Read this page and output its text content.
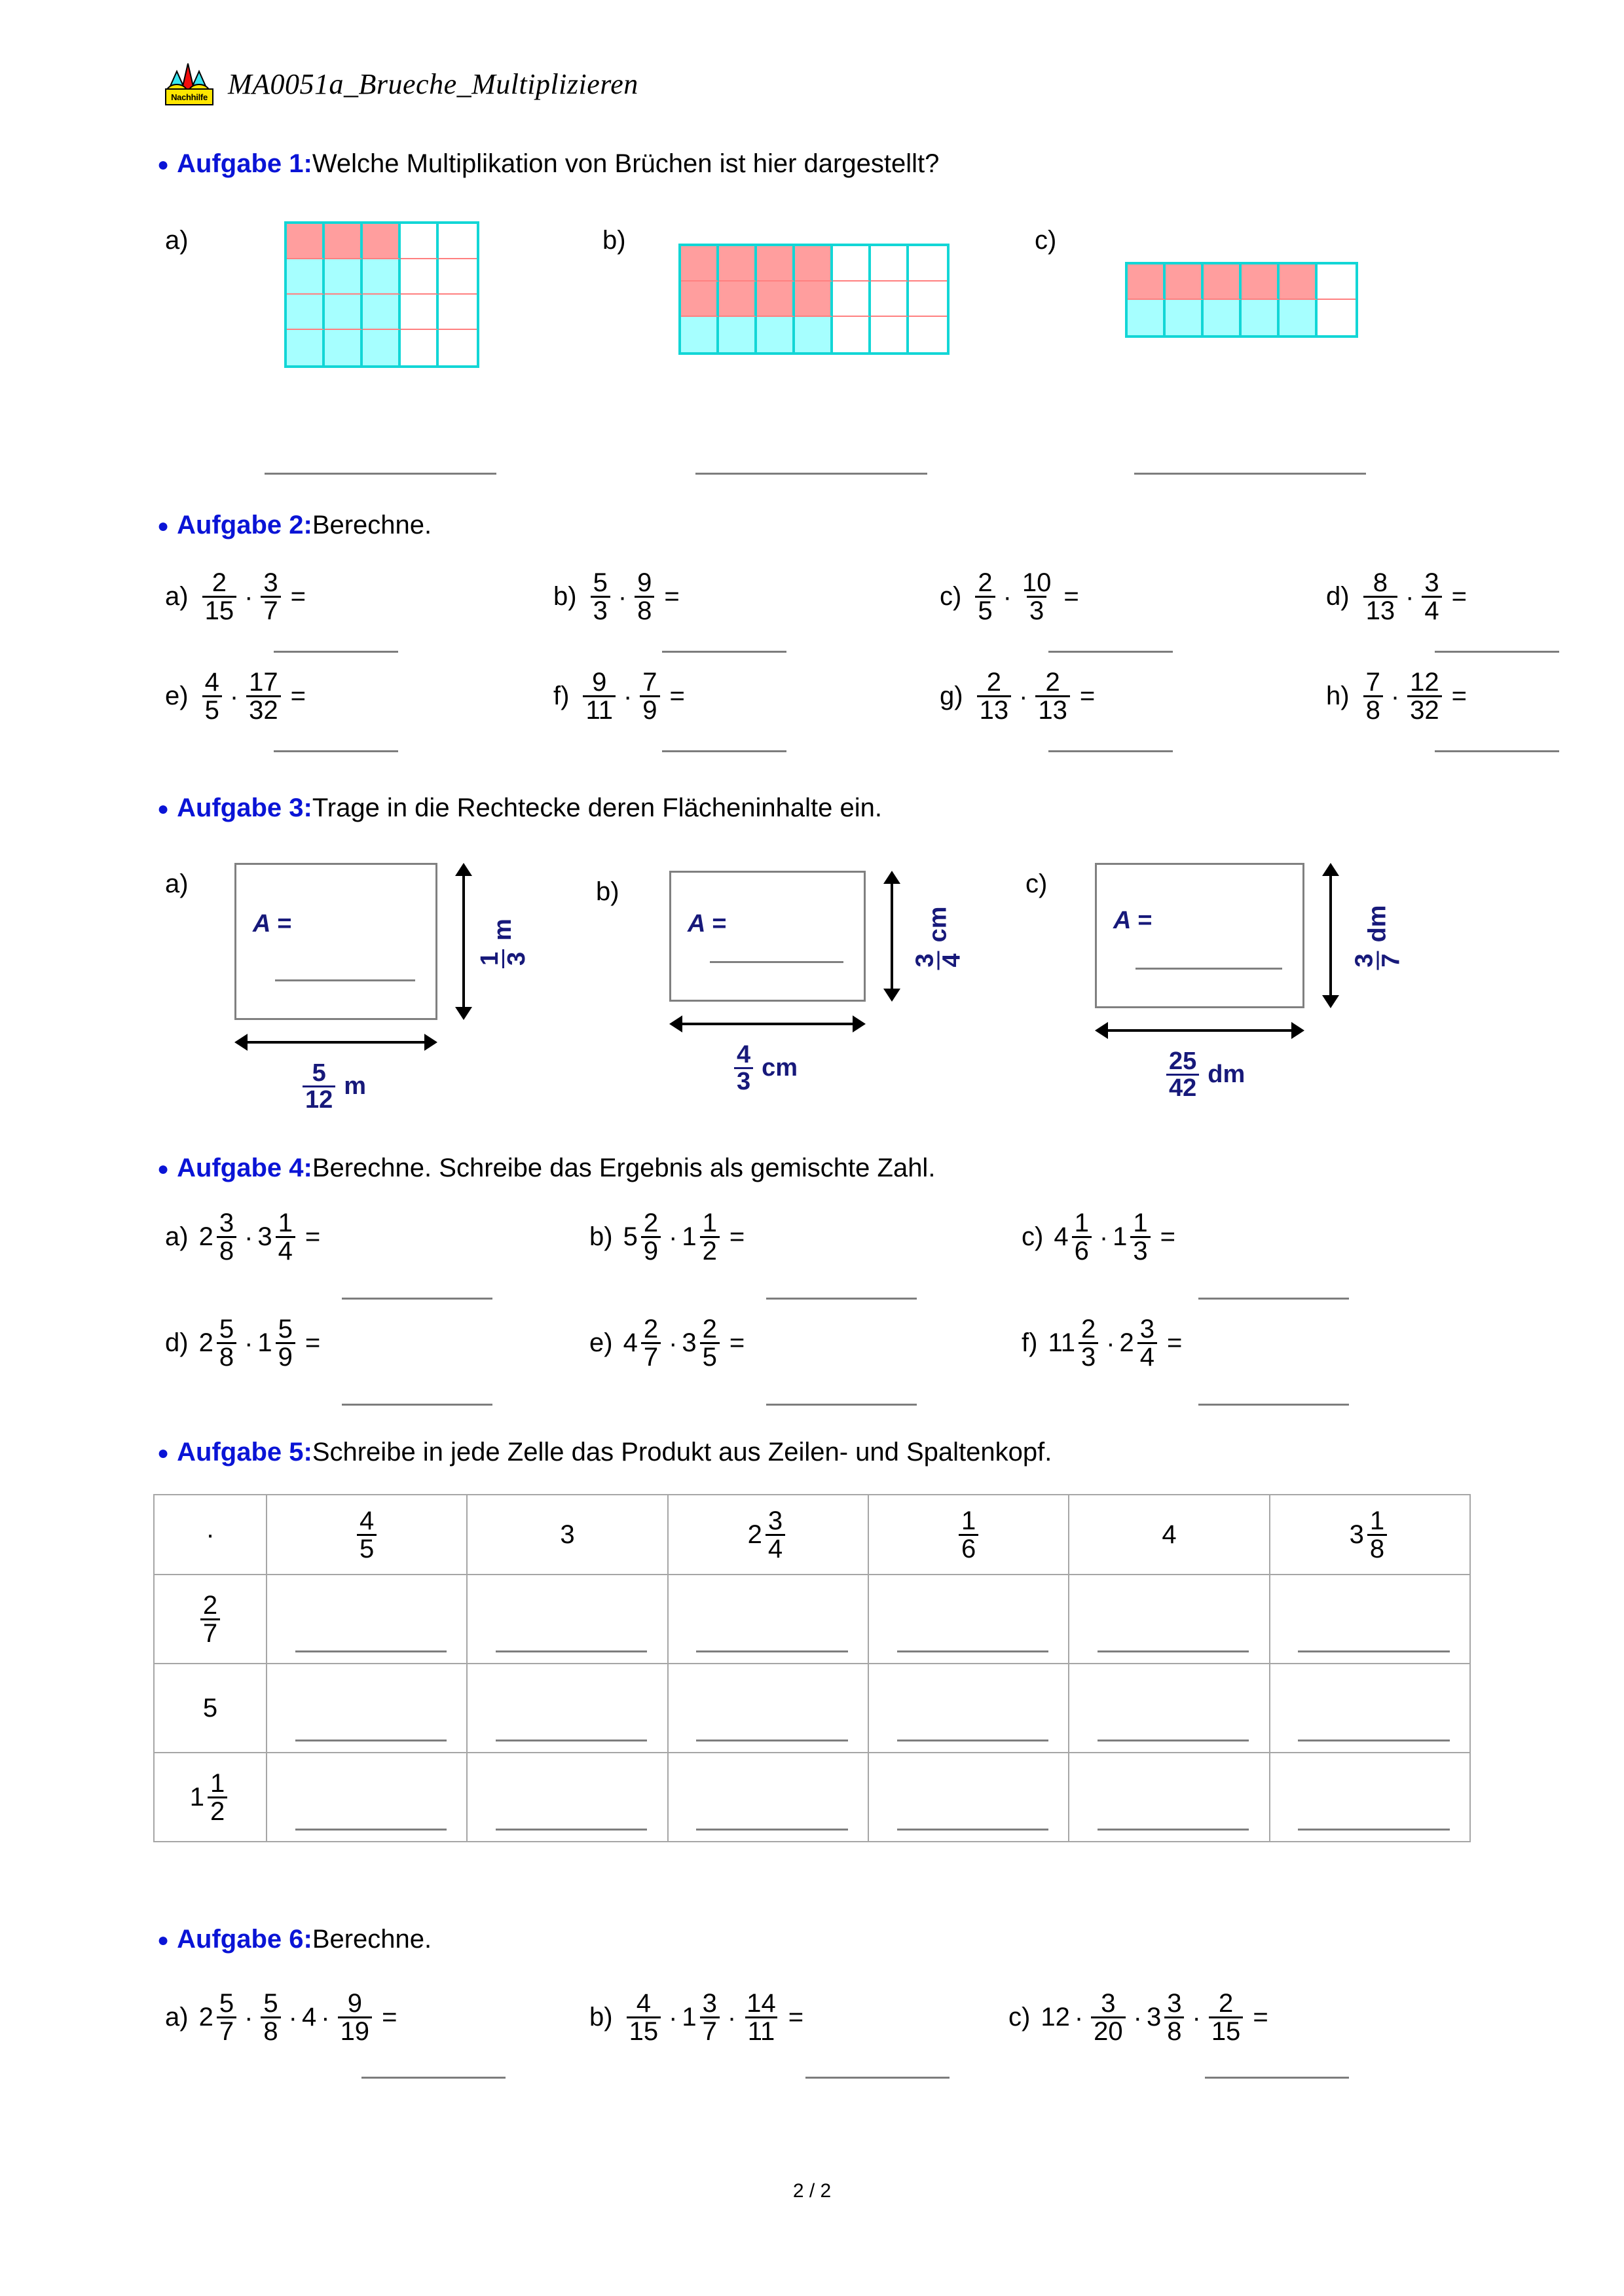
Nachhilfe MA0051a_Brueche_Multiplizieren
● Aufgabe 1:Welche Multiplikation von Brüchen ist hier dargestellt?
a)	b)	c)
● Aufgabe 2:Berechne.
● Aufgabe 3:Trage in die Rechtecke deren Flächeninhalte ein.
● Aufgabe 4:Berechne. Schreibe das Ergebnis als gemischte Zahl.
● Aufgabe 5:Schreibe in jede Zelle das Produkt aus Zeilen- und Spaltenkopf.
·	$\frac{4}{5}$	3	$2 \frac{3}{4}$	$\frac{1}{6}$	4	$3 \frac{1}{8}$

$\frac{2}{7}$

5	

$1 \frac{1}{2}$

● Aufgabe 6:Berechne.
2 / 2
$a) \frac{2}{15} \cdot \frac{3}{7}$ =	$b) \frac{5}{3} \cdot \frac{9}{8}$ =	$c) \frac{2}{5} \cdot \frac{10}{3}$ =	$d) \frac{8}{13} \cdot \frac{3}{4}$ =
$e) \frac{4}{5} \cdot \frac{17}{32}$ =	$f) \frac{9}{11} \cdot \frac{7}{9}$ =	$g) \frac{2}{13} \cdot \frac{2}{13}$ =	$h) \frac{7}{8} \cdot \frac{12}{32}$ =
a)
A =
1 3
m
$\frac{5}{12}$ m
b)
A =
3 4
cm
$\frac{4}{3}$ cm
c)
A =
3 7
dm
$\frac{25}{42}$ dm
a) $2 \frac{3}{8} \cdot 3 \frac{1}{4}$ =	b) $5 \frac{2}{9} \cdot 1 \frac{1}{2}$ =	c) $4 \frac{1}{6} \cdot 1 \frac{1}{3}$ =
d) $2 \frac{5}{8} \cdot 1 \frac{5}{9}$ =	e) $4 \frac{2}{7} \cdot 3 \frac{2}{5}$ =	f) $11 \frac{2}{3} \cdot 2 \frac{3}{4}$ =
a) $2 \frac{5}{7} \cdot \frac{5}{8} \cdot 4 \cdot \frac{9}{19}$ =	$b) \frac{4}{15} \cdot 1 \frac{3}{7} \cdot \frac{14}{11}$ =	c) $12 \cdot \frac{3}{20} \cdot 3 \frac{3}{8} \cdot \frac{2}{15}$ =
